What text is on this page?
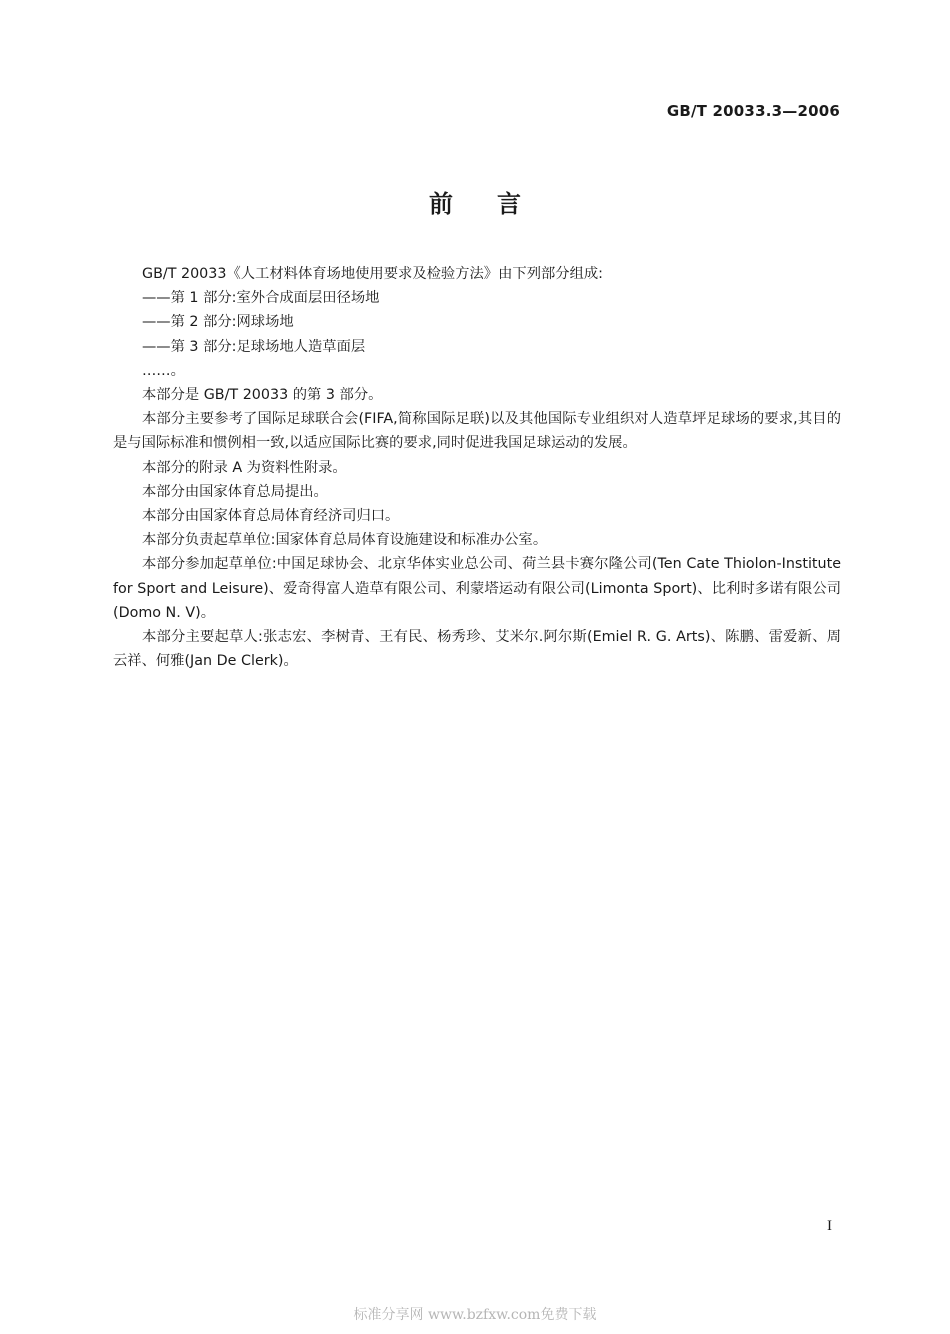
GB/T 20033.3—2006
前言

GB/T 20033《人工材料体育场地使用要求及检验方法》由下列部分组成:

——第 1 部分:室外合成面层田径场地

——第 2 部分:网球场地

——第 3 部分:足球场地人造草面层

……。

本部分是 GB/T 20033 的第 3 部分。

本部分主要参考了国际足球联合会(FIFA,简称国际足联)以及其他国际专业组织对人造草坪足球场的要求,其目的是与国际标准和惯例相一致,以适应国际比赛的要求,同时促进我国足球运动的发展。

本部分的附录 A 为资料性附录。

本部分由国家体育总局提出。

本部分由国家体育总局体育经济司归口。

本部分负责起草单位:国家体育总局体育设施建设和标准办公室。

本部分参加起草单位:中国足球协会、北京华体实业总公司、荷兰县卡赛尔隆公司(Ten Cate Thiolon-Institute for Sport and Leisure)、爱奇得富人造草有限公司、利蒙塔运动有限公司(Limonta Sport)、比利时多诺有限公司(Domo N. V)。

本部分主要起草人:张志宏、李树青、王有民、杨秀珍、艾米尔.阿尔斯(Emiel R. G. Arts)、陈鹏、雷爱新、周云祥、何雅(Jan De Clerk)。

I
标准分享网 www.bzfxw.com免费下载
